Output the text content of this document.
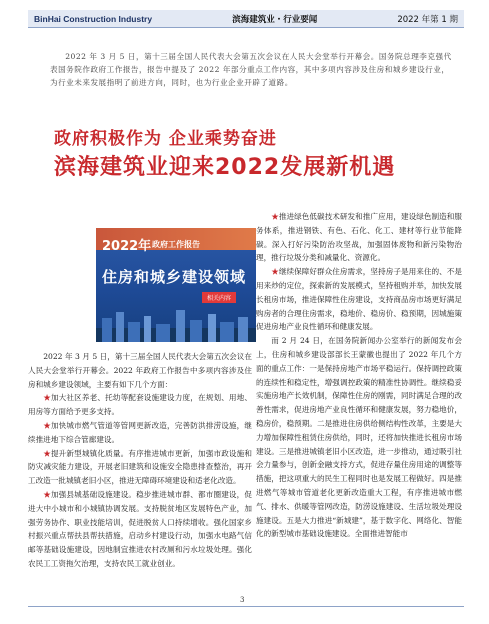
BinHai Construction Industry	滨海建筑业・行业要闻	2022 年第 1 期

2022 年 3 月 5 日，第十三届全国人民代表大会第五次会议在人民大会堂举行开幕会。国务院总理李克强代表国务院作政府工作报告，报告中提及了 2022 年部分重点工作内容，其中多项内容涉及住房和城乡建设行业，为行业未来发展指明了前进方向，同时，也为行业企业开辟了道路。

政府积极作为 企业乘势奋进
滨海建筑业迎来2022发展新机遇
2022年 政府工作报告
住房和城乡建设领域
相关内容

2022 年 3 月 5 日，第十三届全国人民代表大会第五次会议在人民大会堂举行开幕会。2022 年政府工作报告中多项内容涉及住房和城乡建设领域，主要有如下几个方面：

★加大社区养老、托幼等配套设施建设力度，在规划、用地、用房等方面给予更多支持。

★加快城市燃气管道等管网更新改造，完善防洪排涝设施，继续推进地下综合管廊建设。

★提升新型城镇化质量。有序推进城市更新，加强市政设施和防灾减灾能力建设，开展老旧建筑和设施安全隐患排查整治，再开工改造一批城镇老旧小区，推进无障碍环境建设和适老化改造。

★加强县城基础设施建设。稳步推进城市群、都市圈建设，促进大中小城市和小城镇协调发展。支持脱贫地区发展特色产业，加强劳务协作、职业技能培训，促进脱贫人口持续增收。强化国家乡村振兴重点帮扶县帮扶措施，启动乡村建设行动，加强水电路气信邮等基础设施建设，因地制宜推进农村改厕和污水垃圾处理。强化农民工工资拖欠治理，支持农民工就业创业。

★推进绿色低碳技术研发和推广应用，建设绿色制造和服务体系，推进钢铁、有色、石化、化工、建材等行业节能降碳。深入打好污染防治攻坚战，加强固体废物和新污染物治理，推行垃圾分类和减量化、资源化。

★继续保障好群众住房需求，坚持房子是用来住的、不是用来炒的定位，探索新的发展模式，坚持租购并举，加快发展长租房市场，推进保障性住房建设，支持商品房市场更好满足购房者的合理住房需求，稳地价、稳房价、稳预期，因城施策促进房地产业良性循环和健康发展。

而 2 月 24 日，在国务院新闻办公室举行的新闻发布会上，住房和城乡建设部部长王蒙徽也提出了 2022 年几个方面的重点工作：一是保持房地产市场平稳运行。保持调控政策的连续性和稳定性，增强调控政策的精准性协调性。继续稳妥实施房地产长效机制，保障性住房的刚需，同时满足合理的改善性需求，促进房地产业良性循环和健康发展，努力稳地价，稳房价，稳预期。二是推进住房供给侧结构性改革，主要是大力增加保障性租赁住房供给，同时，还将加快推进长租房市场建设。三是推进城镇老旧小区改造，进一步推动，通过吸引社会力量参与，创新金融支持方式，促进存量住房用途的调整等措施，把这项重大的民生工程同时也是发展工程做好。四是推进燃气等城市管道老化更新改造重大工程，有序推进城市燃气、排水、供暖等管网改造，防涝设施建设、生活垃圾处理设施建设。五是大力推进“新城建”，基于数字化、网络化、智能化的新型城市基础设施建设。全面推进智能市

3
